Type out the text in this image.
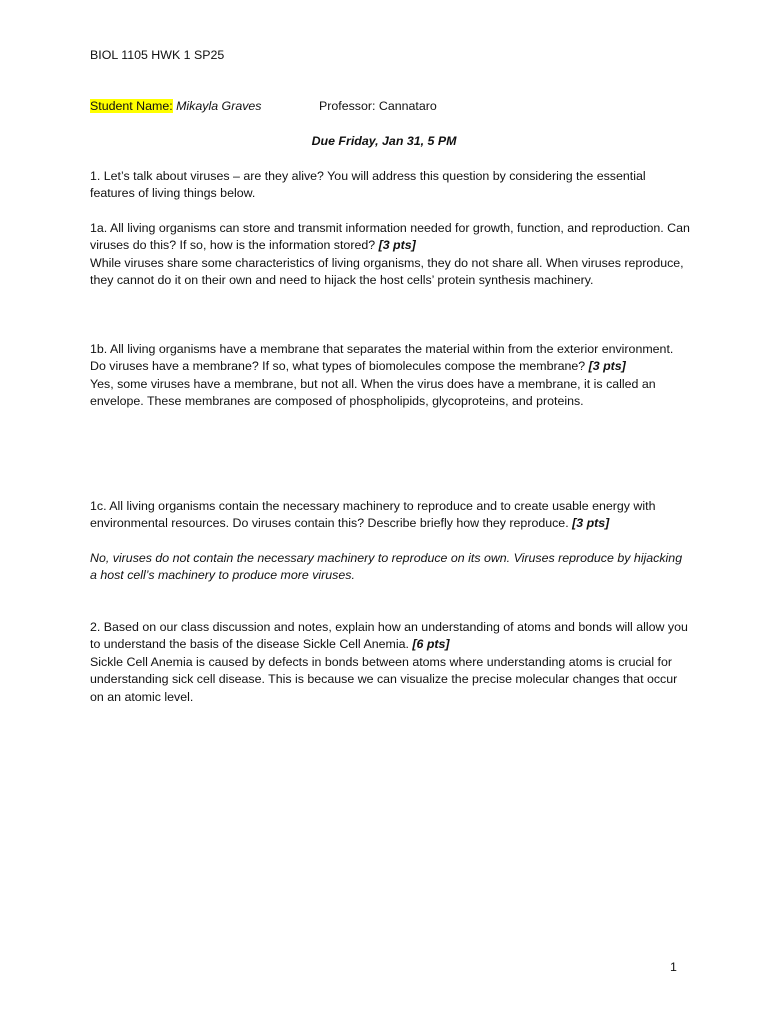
BIOL 1105 HWK 1 SP25
Student Name: Mikayla Graves	Professor: Cannataro
Due Friday, Jan 31, 5 PM

1. Let’s talk about viruses – are they alive? You will address this question by considering the essential features of living things below.

1a. All living organisms can store and transmit information needed for growth, function, and reproduction. Can viruses do this? If so, how is the information stored? [3 pts]

While viruses share some characteristics of living organisms, they do not share all. When viruses reproduce, they cannot do it on their own and need to hijack the host cells’ protein synthesis machinery.

1b. All living organisms have a membrane that separates the material within from the exterior environment. Do viruses have a membrane? If so, what types of biomolecules compose the membrane? [3 pts]

Yes, some viruses have a membrane, but not all. When the virus does have a membrane, it is called an envelope. These membranes are composed of phospholipids, glycoproteins, and proteins.

1c. All living organisms contain the necessary machinery to reproduce and to create usable energy with environmental resources. Do viruses contain this? Describe briefly how they reproduce. [3 pts]

No, viruses do not contain the necessary machinery to reproduce on its own. Viruses reproduce by hijacking a host cell’s machinery to produce more viruses.

2. Based on our class discussion and notes, explain how an understanding of atoms and bonds will allow you to understand the basis of the disease Sickle Cell Anemia. [6 pts]

Sickle Cell Anemia is caused by defects in bonds between atoms where understanding atoms is crucial for understanding sick cell disease. This is because we can visualize the precise molecular changes that occur on an atomic level.

1
